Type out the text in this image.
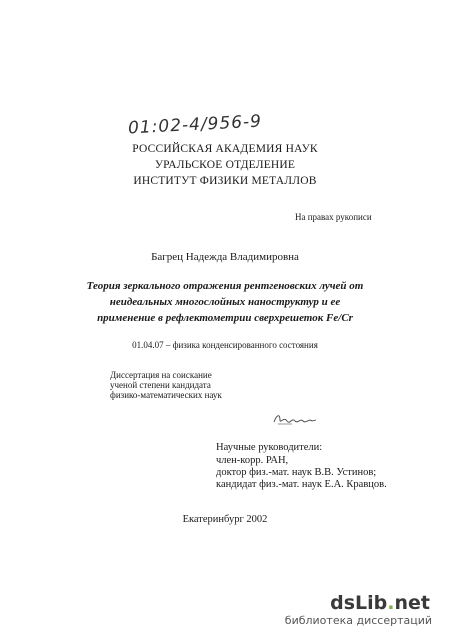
01:02-4/956-9
РОССИЙСКАЯ АКАДЕМИЯ НАУК
УРАЛЬСКОЕ ОТДЕЛЕНИЕ
ИНСТИТУТ ФИЗИКИ МЕТАЛЛОВ
На правах рукописи
Багрец Надежда Владимировна
Теория зеркального отражения рентгеновских лучей от
неидеальных многослойных наноструктур и ее
применение в рефлектометрии сверхрешеток Fe/Cr
01.04.07 – физика конденсированного состояния
Диссертация на соискание
ученой степени кандидата
физико-математических наук
Научные руководители:
член-корр. РАН,
доктор физ.-мат. наук В.В. Устинов;
кандидат физ.-мат. наук Е.А. Кравцов.
Екатеринбург 2002
dsLib.net
библиотека диссертаций
